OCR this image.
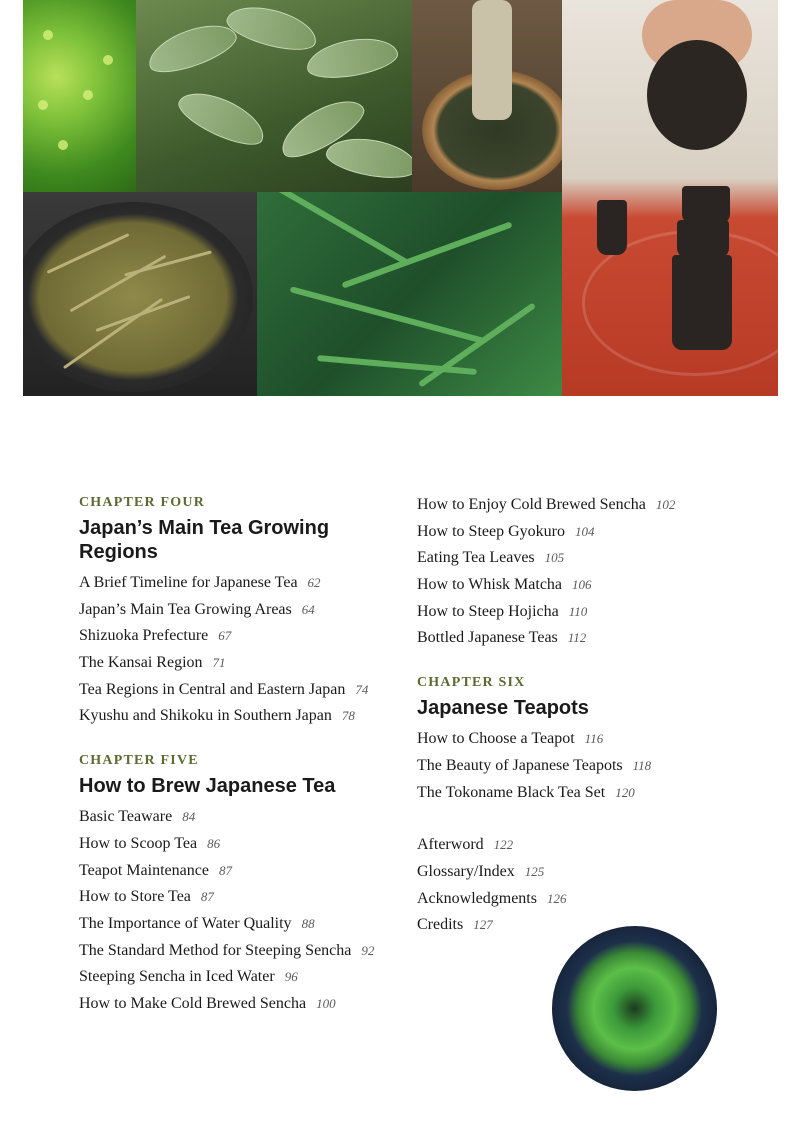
CHAPTER FOUR
Japan’s Main Tea Growing Regions
A Brief Timeline for Japanese Tea 62
Japan’s Main Tea Growing Areas 64
Shizuoka Prefecture 67
The Kansai Region 71
Tea Regions in Central and Eastern Japan 74
Kyushu and Shikoku in Southern Japan 78
CHAPTER FIVE
How to Brew Japanese Tea
Basic Teaware 84
How to Scoop Tea 86
Teapot Maintenance 87
How to Store Tea 87
The Importance of Water Quality 88
The Standard Method for Steeping Sencha 92
Steeping Sencha in Iced Water 96
How to Make Cold Brewed Sencha 100
How to Enjoy Cold Brewed Sencha 102
How to Steep Gyokuro 104
Eating Tea Leaves 105
How to Whisk Matcha 106
How to Steep Hojicha 110
Bottled Japanese Teas 112
CHAPTER SIX
Japanese Teapots
How to Choose a Teapot 116
The Beauty of Japanese Teapots 118
The Tokoname Black Tea Set 120
Afterword 122
Glossary/Index 125
Acknowledgments 126
Credits 127
